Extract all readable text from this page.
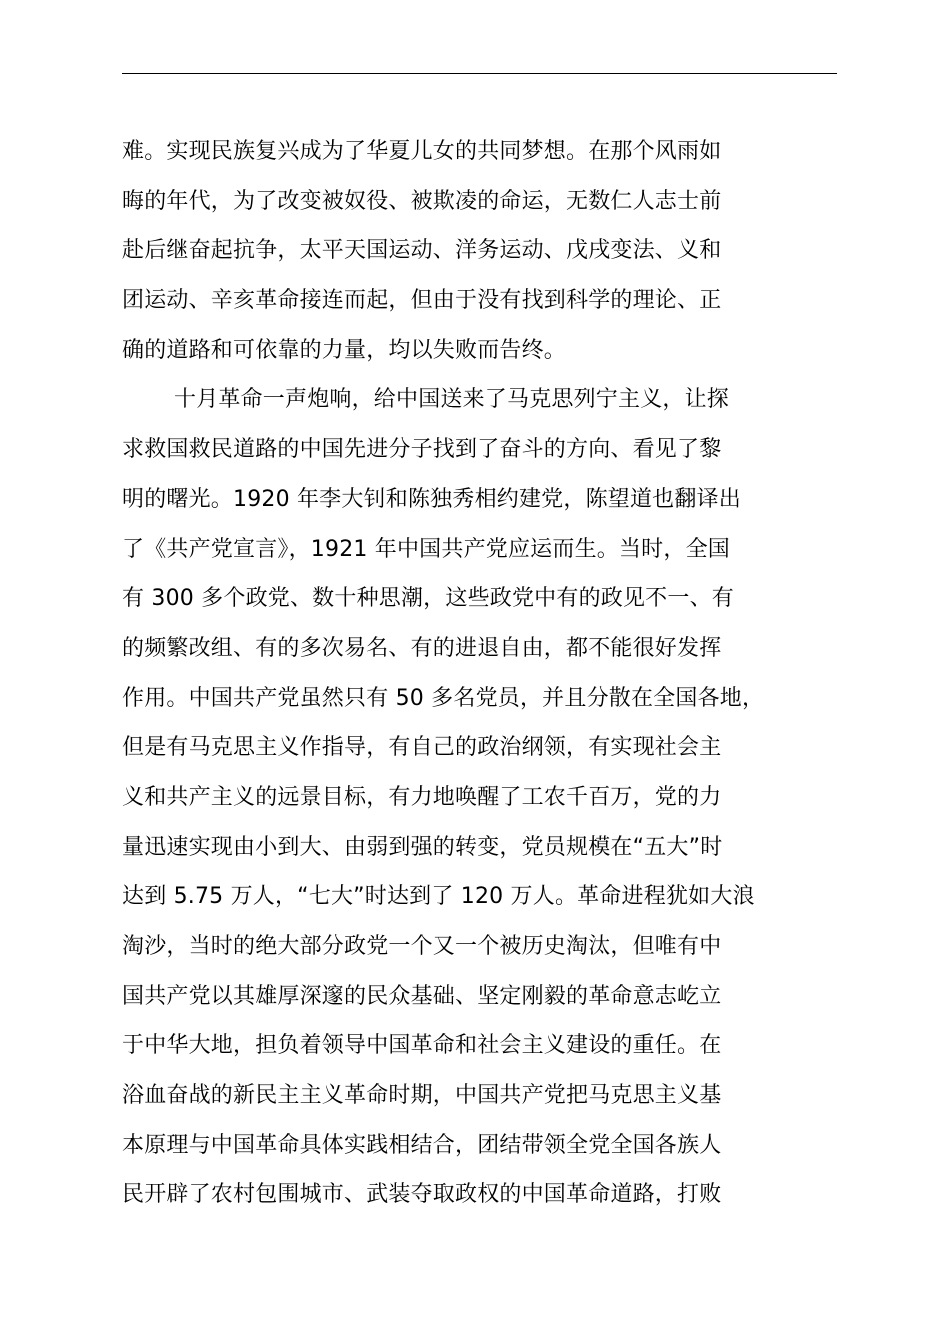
难。实现民族复兴成为了华夏儿女的共同梦想。在那个风雨如
晦的年代，为了改变被奴役、被欺凌的命运，无数仁人志士前
赴后继奋起抗争，太平天国运动、洋务运动、戊戌变法、义和
团运动、辛亥革命接连而起，但由于没有找到科学的理论、正
确的道路和可依靠的力量，均以失败而告终。
十月革命一声炮响，给中国送来了马克思列宁主义，让探
求救国救民道路的中国先进分子找到了奋斗的方向、看见了黎
明的曙光。1920 年李大钊和陈独秀相约建党，陈望道也翻译出
了《共产党宣言》，1921 年中国共产党应运而生。当时，全国
有 300 多个政党、数十种思潮，这些政党中有的政见不一、有
的频繁改组、有的多次易名、有的进退自由，都不能很好发挥
作用。中国共产党虽然只有 50 多名党员，并且分散在全国各地，
但是有马克思主义作指导，有自己的政治纲领，有实现社会主
义和共产主义的远景目标，有力地唤醒了工农千百万，党的力
量迅速实现由小到大、由弱到强的转变，党员规模在“五大”时
达到 5.75 万人，“七大”时达到了 120 万人。革命进程犹如大浪
淘沙，当时的绝大部分政党一个又一个被历史淘汰，但唯有中
国共产党以其雄厚深邃的民众基础、坚定刚毅的革命意志屹立
于中华大地，担负着领导中国革命和社会主义建设的重任。在
浴血奋战的新民主主义革命时期，中国共产党把马克思主义基
本原理与中国革命具体实践相结合，团结带领全党全国各族人
民开辟了农村包围城市、武装夺取政权的中国革命道路，打败
